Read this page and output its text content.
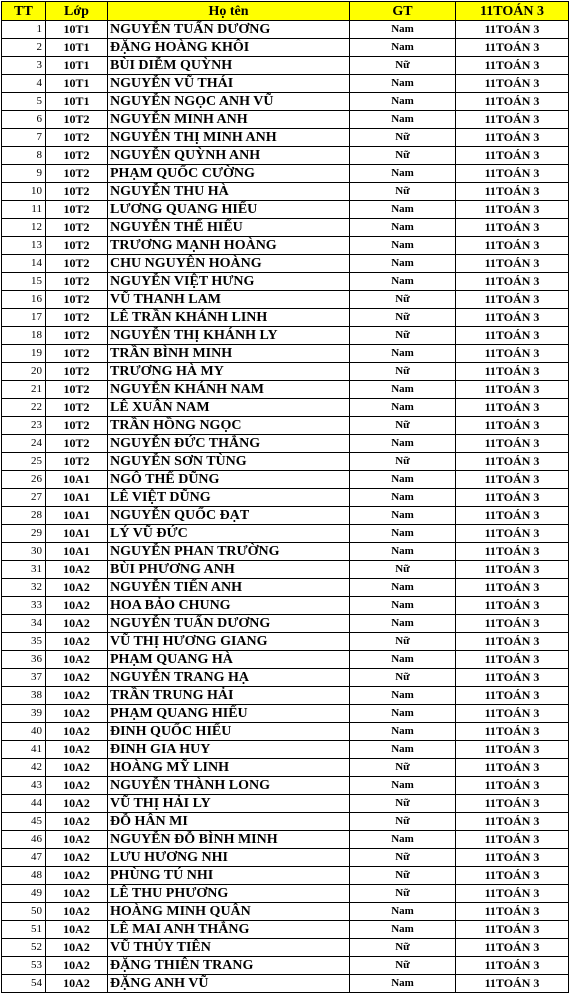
TT	Lớp	Họ tên	GT	11TOÁN 3
1	10T1	NGUYỄN TUẤN DƯƠNG	Nam	11TOÁN 3
2	10T1	ĐẶNG HOÀNG KHÔI	Nam	11TOÁN 3
3	10T1	BÙI DIỄM QUỲNH	Nữ	11TOÁN 3
4	10T1	NGUYỄN VŨ THÁI	Nam	11TOÁN 3
5	10T1	NGUYỄN NGỌC ANH VŨ	Nam	11TOÁN 3
6	10T2	NGUYỄN MINH ANH	Nam	11TOÁN 3
7	10T2	NGUYỄN THỊ MINH ANH	Nữ	11TOÁN 3
8	10T2	NGUYỄN QUỲNH ANH	Nữ	11TOÁN 3
9	10T2	PHẠM QUỐC CƯỜNG	Nam	11TOÁN 3
10	10T2	NGUYỄN THU HÀ	Nữ	11TOÁN 3
11	10T2	LƯƠNG QUANG HIẾU	Nam	11TOÁN 3
12	10T2	NGUYỄN THẾ HIẾU	Nam	11TOÁN 3
13	10T2	TRƯƠNG MẠNH HOÀNG	Nam	11TOÁN 3
14	10T2	CHU NGUYÊN HOÀNG	Nam	11TOÁN 3
15	10T2	NGUYỄN VIỆT HƯNG	Nam	11TOÁN 3
16	10T2	VŨ THANH LAM	Nữ	11TOÁN 3
17	10T2	LÊ TRẦN KHÁNH LINH	Nữ	11TOÁN 3
18	10T2	NGUYỄN THỊ KHÁNH LY	Nữ	11TOÁN 3
19	10T2	TRẦN BÌNH MINH	Nam	11TOÁN 3
20	10T2	TRƯƠNG HÀ MY	Nữ	11TOÁN 3
21	10T2	NGUYỄN KHÁNH NAM	Nam	11TOÁN 3
22	10T2	LÊ XUÂN NAM	Nam	11TOÁN 3
23	10T2	TRẦN HỒNG NGỌC	Nữ	11TOÁN 3
24	10T2	NGUYỄN ĐỨC THẮNG	Nam	11TOÁN 3
25	10T2	NGUYỄN SƠN TÙNG	Nữ	11TOÁN 3
26	10A1	NGÔ THẾ DŨNG	Nam	11TOÁN 3
27	10A1	LÊ VIỆT DŨNG	Nam	11TOÁN 3
28	10A1	NGUYỄN QUỐC ĐẠT	Nam	11TOÁN 3
29	10A1	LÝ VŨ ĐỨC	Nam	11TOÁN 3
30	10A1	NGUYỄN PHAN TRƯỜNG	Nam	11TOÁN 3
31	10A2	BÙI PHƯƠNG ANH	Nữ	11TOÁN 3
32	10A2	NGUYỄN TIẾN ANH	Nam	11TOÁN 3
33	10A2	HOA BẢO CHUNG	Nam	11TOÁN 3
34	10A2	NGUYỄN TUẤN DƯƠNG	Nam	11TOÁN 3
35	10A2	VŨ THỊ HƯƠNG GIANG	Nữ	11TOÁN 3
36	10A2	PHẠM QUANG HÀ	Nam	11TOÁN 3
37	10A2	NGUYỄN TRANG HẠ	Nữ	11TOÁN 3
38	10A2	TRẦN TRUNG HẢI	Nam	11TOÁN 3
39	10A2	PHẠM QUANG HIẾU	Nam	11TOÁN 3
40	10A2	ĐINH QUỐC HIẾU	Nam	11TOÁN 3
41	10A2	ĐINH GIA HUY	Nam	11TOÁN 3
42	10A2	HOÀNG MỸ LINH	Nữ	11TOÁN 3
43	10A2	NGUYỄN THÀNH LONG	Nam	11TOÁN 3
44	10A2	VŨ THỊ HẢI LY	Nữ	11TOÁN 3
45	10A2	ĐỖ HÂN MI	Nữ	11TOÁN 3
46	10A2	NGUYỄN ĐỖ BÌNH MINH	Nam	11TOÁN 3
47	10A2	LƯU HƯƠNG NHI	Nữ	11TOÁN 3
48	10A2	PHÙNG TÚ NHI	Nữ	11TOÁN 3
49	10A2	LÊ THU PHƯƠNG	Nữ	11TOÁN 3
50	10A2	HOÀNG MINH QUÂN	Nam	11TOÁN 3
51	10A2	LÊ MAI ANH THẮNG	Nam	11TOÁN 3
52	10A2	VŨ THỦY TIÊN	Nữ	11TOÁN 3
53	10A2	ĐẶNG THIÊN TRANG	Nữ	11TOÁN 3
54	10A2	ĐẶNG ANH VŨ	Nam	11TOÁN 3
